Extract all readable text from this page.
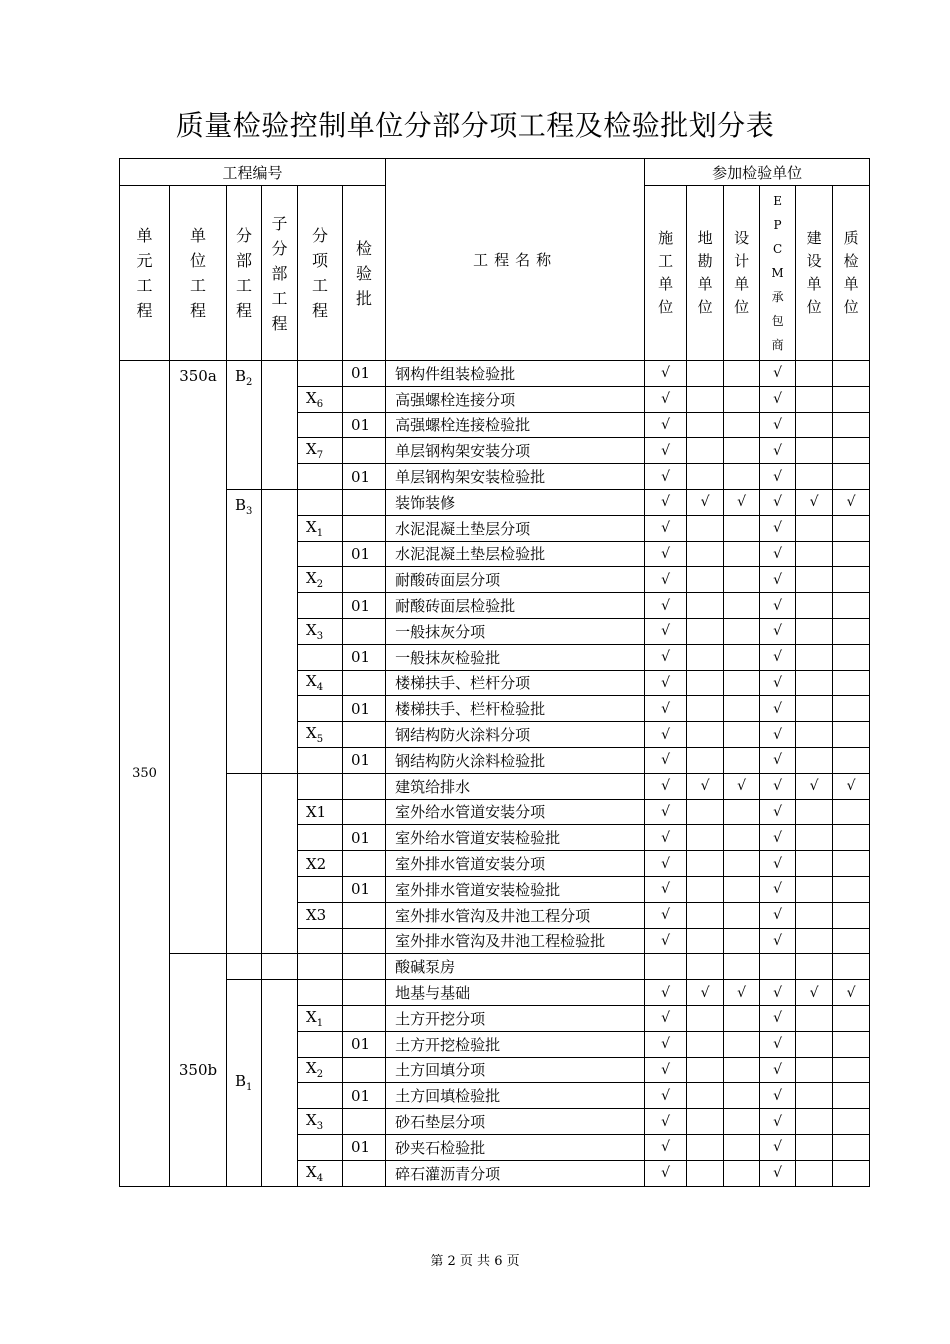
质量检验控制单位分部分项工程及检验批划分表
工程编号						工程名称	参加检验单位					

单元工程	单位工程	分部工程	子分部工程	分项工程	检验批		施工单位	地勘单位	设计单位	EPCM承包商	建设单位	质检单位

350	350a	$B_2$			01	钢构件组装检验批	√			√		
				$X_6$		高强螺栓连接分项	√			√		
					01	高强螺栓连接检验批	√			√		
				$X_7$		单层钢构架安装分项	√			√		
					01	单层钢构架安装检验批	√			√		
		$B_3$				装饰装修	√	√	√	√	√	√
				$X_1$		水泥混凝土垫层分项	√			√		
					01	水泥混凝土垫层检验批	√			√		
				$X_2$		耐酸砖面层分项	√			√		
					01	耐酸砖面层检验批	√			√		
				$X_3$		一般抹灰分项	√			√		
					01	一般抹灰检验批	√			√		
				$X_4$		楼梯扶手、栏杆分项	√			√		
					01	楼梯扶手、栏杆检验批	√			√		
				$X_5$		钢结构防火涂料分项	√			√		
					01	钢结构防火涂料检验批	√			√		
						建筑给排水	√	√	√	√	√	√
				X1		室外给水管道安装分项	√			√		
					01	室外给水管道安装检验批	√			√		
				X2		室外排水管道安装分项	√			√		
					01	室外排水管道安装检验批	√			√		
				X3		室外排水管沟及井池工程分项	√			√		
						室外排水管沟及井池工程检验批	√			√		
	350b					酸碱泵房						
		$B_1$				地基与基础	√	√	√	√	√	√
				$X_1$		土方开挖分项	√			√		
					01	土方开挖检验批	√			√		
				$X_2$		土方回填分项	√			√		
					01	土方回填检验批	√			√		
				$X_3$		砂石垫层分项	√			√		
					01	砂夹石检验批	√			√		
				$X_4$		碎石灌沥青分项	√			√		
第 2 页 共 6 页
